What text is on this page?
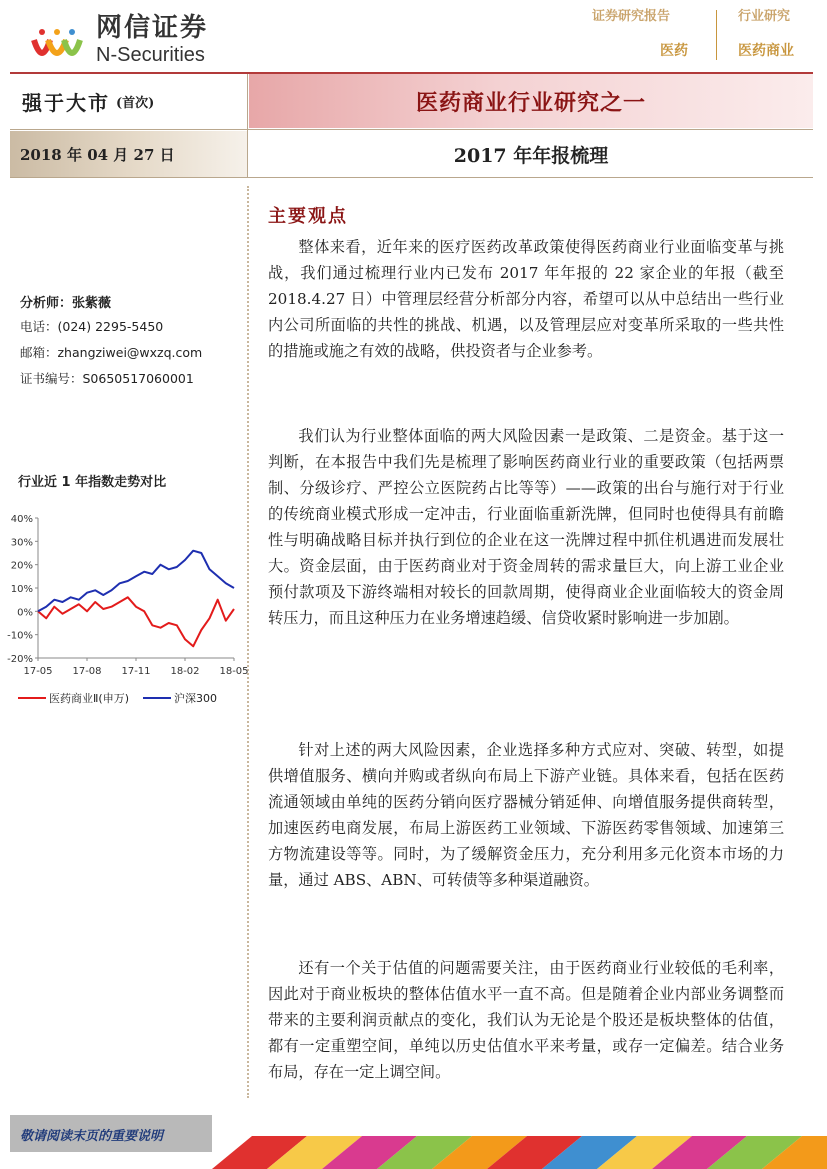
网信证券
N-Securities
证券研究报告	行业研究
医药	医药商业
强于大市 (首次)	医药商业行业研究之一
2018 年 04 月 27 日	2017 年年报梳理
分析师：张紫薇
电话：(024) 2295-5450
邮箱：zhangziwei@wxzq.com
证书编号：S0650517060001
行业近 1 年指数走势对比
40%
30%
20%
10%
0%
-10%
-20%
17-05 17-08 17-11 18-02 18-05
医药商业Ⅱ(申万)	沪深300
主要观点

整体来看，近年来的医疗医药改革政策使得医药商业行业面临变革与挑战，我们通过梳理行业内已发布 2017 年年报的 22 家企业的年报（截至 2018.4.27 日）中管理层经营分析部分内容，希望可以从中总结出一些行业内公司所面临的共性的挑战、机遇，以及管理层应对变革所采取的一些共性的措施或施之有效的战略，供投资者与企业参考。

我们认为行业整体面临的两大风险因素一是政策、二是资金。基于这一判断，在本报告中我们先是梳理了影响医药商业行业的重要政策（包括两票制、分级诊疗、严控公立医院药占比等等）——政策的出台与施行对于行业的传统商业模式形成一定冲击，行业面临重新洗牌，但同时也使得具有前瞻性与明确战略目标并执行到位的企业在这一洗牌过程中抓住机遇进而发展壮大。资金层面，由于医药商业对于资金周转的需求量巨大，向上游工业企业预付款项及下游终端相对较长的回款周期，使得商业企业面临较大的资金周转压力，而且这种压力在业务增速趋缓、信贷收紧时影响进一步加剧。

针对上述的两大风险因素，企业选择多种方式应对、突破、转型，如提供增值服务、横向并购或者纵向布局上下游产业链。具体来看，包括在医药流通领域由单纯的医药分销向医疗器械分销延伸、向增值服务提供商转型，加速医药电商发展，布局上游医药工业领域、下游医药零售领域、加速第三方物流建设等等。同时，为了缓解资金压力，充分利用多元化资本市场的力量，通过 ABS、ABN、可转债等多种渠道融资。

还有一个关于估值的问题需要关注，由于医药商业行业较低的毛利率，因此对于商业板块的整体估值水平一直不高。但是随着企业内部业务调整而带来的主要利润贡献点的变化，我们认为无论是个股还是板块整体的估值，都有一定重塑空间，单纯以历史估值水平来考量，或存一定偏差。结合业务布局，存在一定上调空间。

敬请阅读末页的重要说明
